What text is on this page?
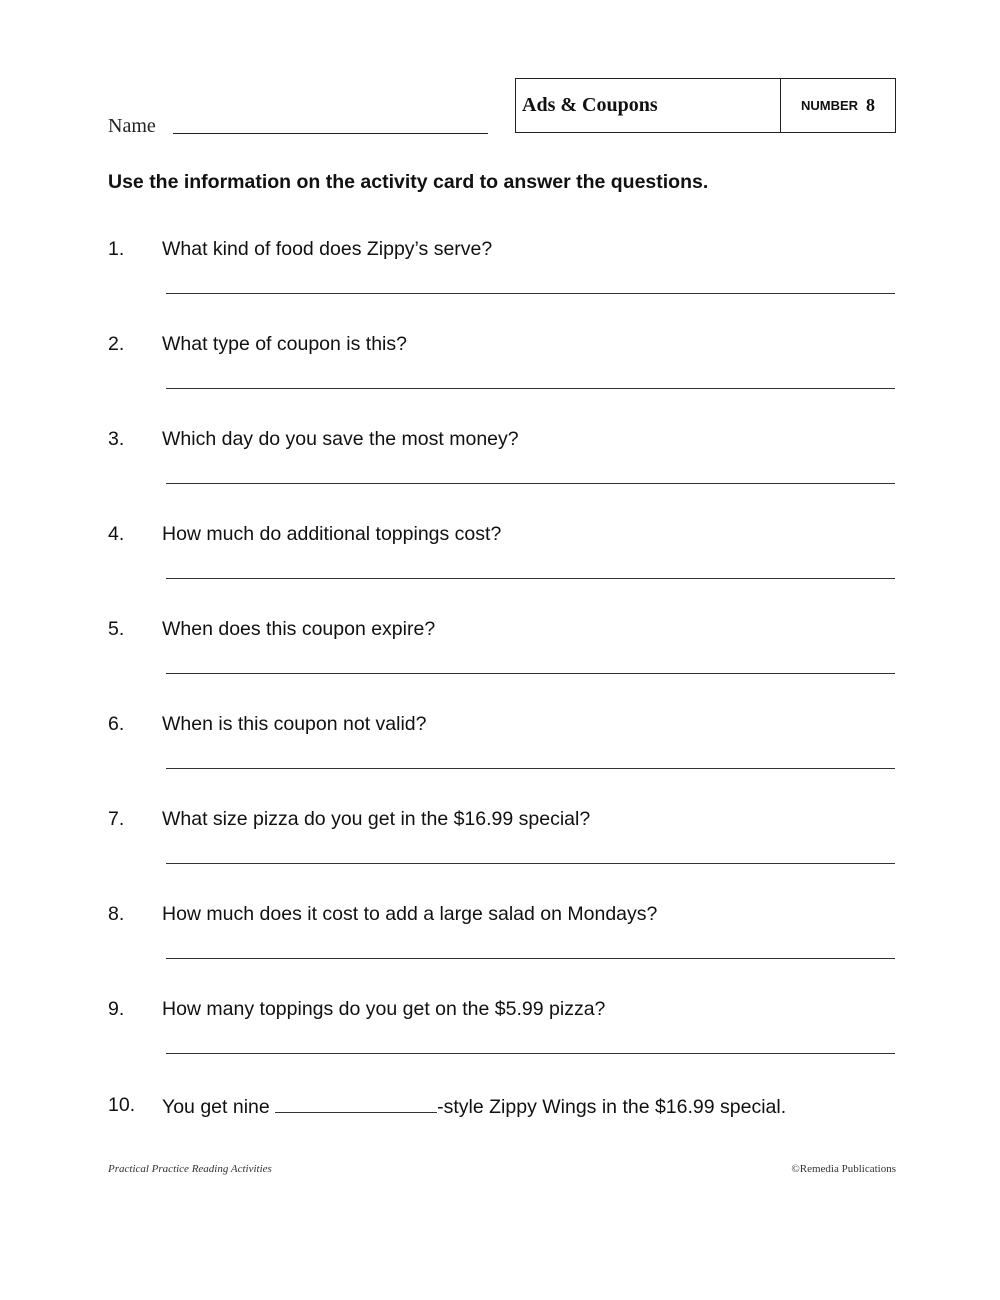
Name
Ads & Coupons	NUMBER 8
Use the information on the activity card to answer the questions.
1. What kind of food does Zippy’s serve?
2. What type of coupon is this?
3. Which day do you save the most money?
4. How much do additional toppings cost?
5. When does this coupon expire?
6. When is this coupon not valid?
7. What size pizza do you get in the $16.99 special?
8. How much does it cost to add a large salad on Mondays?
9. How many toppings do you get on the $5.99 pizza?
10. You get nine	-style Zippy Wings in the $16.99 special.
Practical Practice Reading Activities	©Remedia Publications
